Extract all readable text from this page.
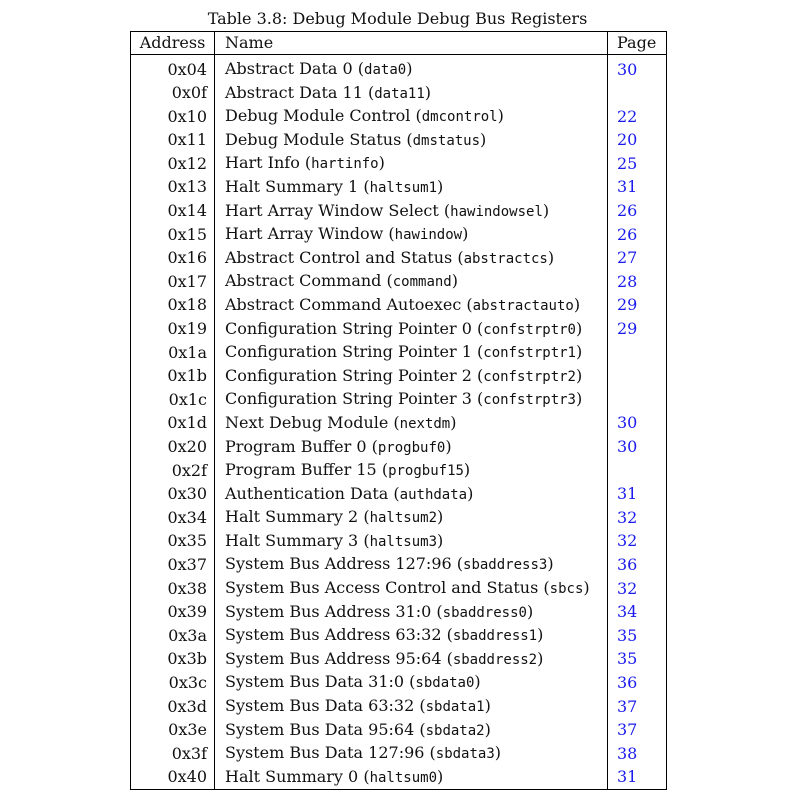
Table 3.8: Debug Module Debug Bus Registers
Address	Name	Page
0x04	Abstract Data 0 (data0)	30
0x0f	Abstract Data 11 (data11)	
0x10	Debug Module Control (dmcontrol)	22
0x11	Debug Module Status (dmstatus)	20
0x12	Hart Info (hartinfo)	25
0x13	Halt Summary 1 (haltsum1)	31
0x14	Hart Array Window Select (hawindowsel)	26
0x15	Hart Array Window (hawindow)	26
0x16	Abstract Control and Status (abstractcs)	27
0x17	Abstract Command (command)	28
0x18	Abstract Command Autoexec (abstractauto)	29
0x19	Configuration String Pointer 0 (confstrptr0)	29
0x1a	Configuration String Pointer 1 (confstrptr1)	
0x1b	Configuration String Pointer 2 (confstrptr2)	
0x1c	Configuration String Pointer 3 (confstrptr3)	
0x1d	Next Debug Module (nextdm)	30
0x20	Program Buffer 0 (progbuf0)	30
0x2f	Program Buffer 15 (progbuf15)	
0x30	Authentication Data (authdata)	31
0x34	Halt Summary 2 (haltsum2)	32
0x35	Halt Summary 3 (haltsum3)	32
0x37	System Bus Address 127:96 (sbaddress3)	36
0x38	System Bus Access Control and Status (sbcs)	32
0x39	System Bus Address 31:0 (sbaddress0)	34
0x3a	System Bus Address 63:32 (sbaddress1)	35
0x3b	System Bus Address 95:64 (sbaddress2)	35
0x3c	System Bus Data 31:0 (sbdata0)	36
0x3d	System Bus Data 63:32 (sbdata1)	37
0x3e	System Bus Data 95:64 (sbdata2)	37
0x3f	System Bus Data 127:96 (sbdata3)	38
0x40	Halt Summary 0 (haltsum0)	31
